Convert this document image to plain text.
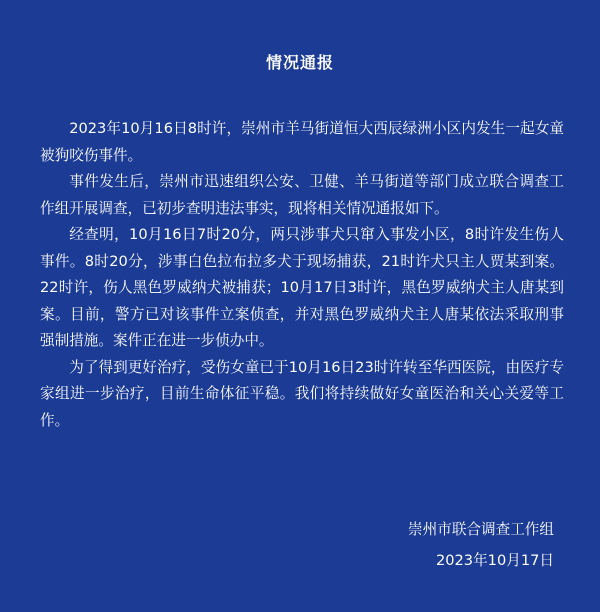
情况通报

2023年10月16日8时许，崇州市羊马街道恒大西辰绿洲小区内发生一起女童被狗咬伤事件。

事件发生后，崇州市迅速组织公安、卫健、羊马街道等部门成立联合调查工作组开展调查，已初步查明违法事实，现将相关情况通报如下。

经查明，10月16日7时20分，两只涉事犬只窜入事发小区，8时许发生伤人事件。8时20分，涉事白色拉布拉多犬于现场捕获，21时许犬只主人贾某到案。22时许，伤人黑色罗威纳犬被捕获；10月17日3时许，黑色罗威纳犬主人唐某到案。目前，警方已对该事件立案侦查，并对黑色罗威纳犬主人唐某依法采取刑事强制措施。案件正在进一步侦办中。

为了得到更好治疗，受伤女童已于10月16日23时许转至华西医院，由医疗专家组进一步治疗，目前生命体征平稳。我们将持续做好女童医治和关心关爱等工作。

崇州市联合调查工作组
2023年10月17日
